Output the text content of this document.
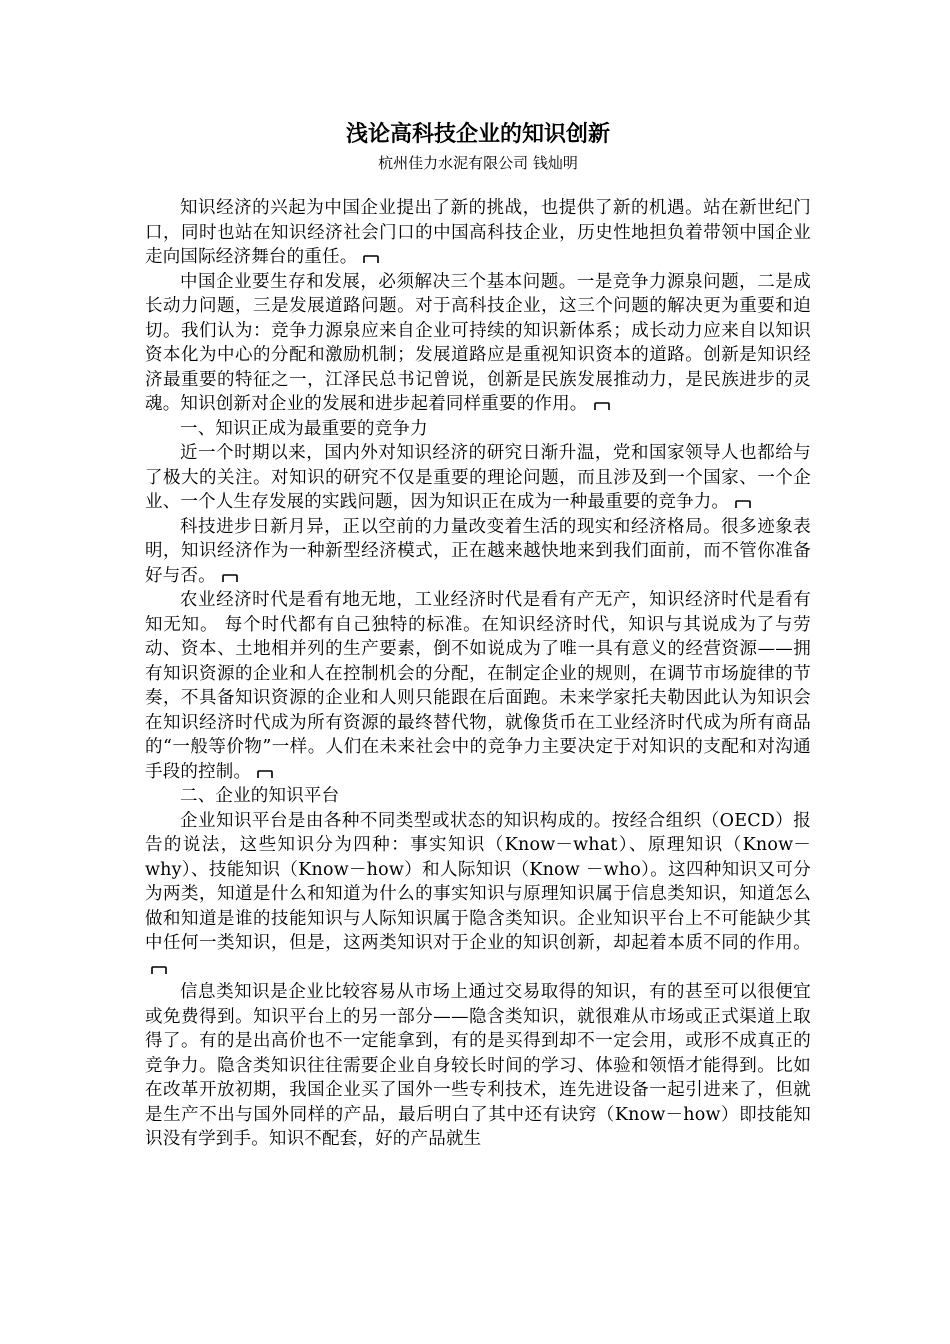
浅论高科技企业的知识创新

杭州佳力水泥有限公司 钱灿明

知识经济的兴起为中国企业提出了新的挑战，也提供了新的机遇。站在新世纪门口，同时也站在知识经济社会门口的中国高科技企业，历史性地担负着带领中国企业走向国际经济舞台的重任。

中国企业要生存和发展，必须解决三个基本问题。一是竞争力源泉问题，二是成长动力问题，三是发展道路问题。对于高科技企业，这三个问题的解决更为重要和迫切。我们认为：竞争力源泉应来自企业可持续的知识新体系；成长动力应来自以知识资本化为中心的分配和激励机制；发展道路应是重视知识资本的道路。创新是知识经济最重要的特征之一，江泽民总书记曾说，创新是民族发展推动力，是民族进步的灵魂。知识创新对企业的发展和进步起着同样重要的作用。

一、知识正成为最重要的竞争力

近一个时期以来，国内外对知识经济的研究日渐升温，党和国家领导人也都给与了极大的关注。对知识的研究不仅是重要的理论问题，而且涉及到一个国家、一个企业、一个人生存发展的实践问题，因为知识正在成为一种最重要的竞争力。

科技进步日新月异，正以空前的力量改变着生活的现实和经济格局。很多迹象表明，知识经济作为一种新型经济模式，正在越来越快地来到我们面前，而不管你准备好与否。

农业经济时代是看有地无地，工业经济时代是看有产无产，知识经济时代是看有知无知。 每个时代都有自己独特的标准。在知识经济时代，知识与其说成为了与劳动、资本、土地相并列的生产要素，倒不如说成为了唯一具有意义的经营资源——拥有知识资源的企业和人在控制机会的分配，在制定企业的规则，在调节市场旋律的节奏，不具备知识资源的企业和人则只能跟在后面跑。未来学家托夫勒因此认为知识会在知识经济时代成为所有资源的最终替代物，就像货币在工业经济时代成为所有商品的“一般等价物”一样。人们在未来社会中的竞争力主要决定于对知识的支配和对沟通手段的控制。

二、企业的知识平台

企业知识平台是由各种不同类型或状态的知识构成的。按经合组织（OECD）报告的说法，这些知识分为四种：事实知识（Know－what）、原理知识（Know－why）、技能知识（Know－how）和人际知识（Know －who）。这四种知识又可分为两类，知道是什么和知道为什么的事实知识与原理知识属于信息类知识，知道怎么做和知道是谁的技能知识与人际知识属于隐含类知识。企业知识平台上不可能缺少其中任何一类知识，但是，这两类知识对于企业的知识创新，却起着本质不同的作用。

信息类知识是企业比较容易从市场上通过交易取得的知识，有的甚至可以很便宜或免费得到。知识平台上的另一部分——隐含类知识，就很难从市场或正式渠道上取得了。有的是出高价也不一定能拿到，有的是买得到却不一定会用，或形不成真正的竞争力。隐含类知识往往需要企业自身较长时间的学习、体验和领悟才能得到。比如在改革开放初期，我国企业买了国外一些专利技术，连先进设备一起引进来了，但就是生产不出与国外同样的产品，最后明白了其中还有诀窍（Know－how）即技能知识没有学到手。知识不配套，好的产品就生
